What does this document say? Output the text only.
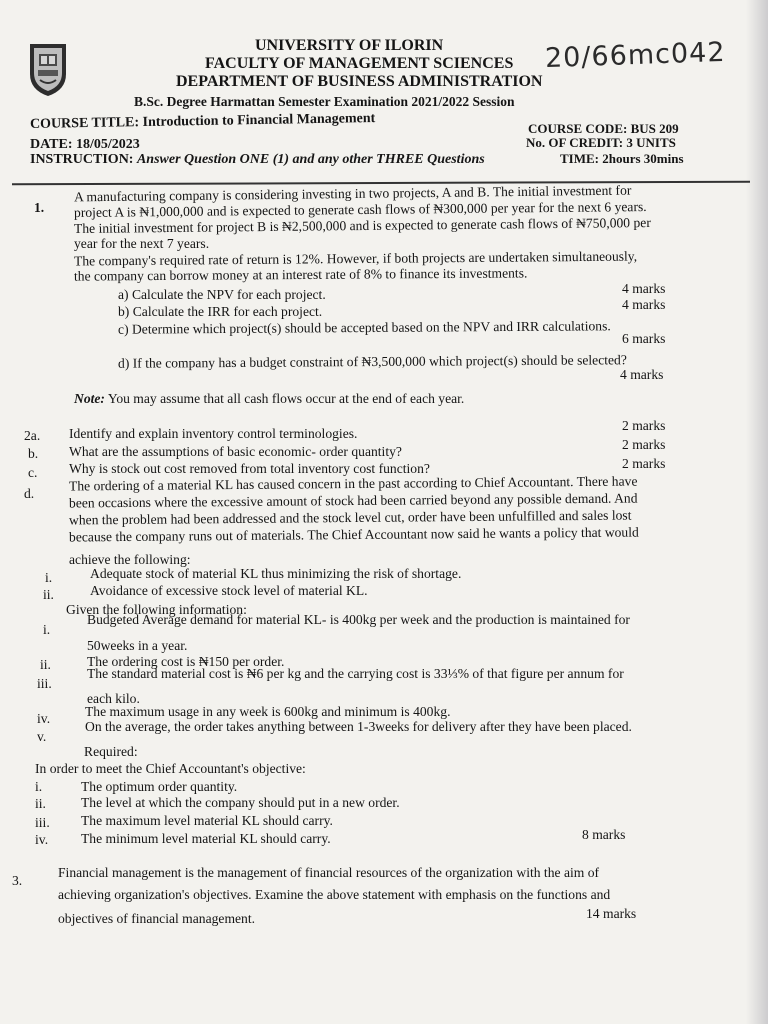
20/66mc042
UNIVERSITY OF ILORIN
FACULTY OF MANAGEMENT SCIENCES
DEPARTMENT OF BUSINESS ADMINISTRATION
B.Sc. Degree Harmattan Semester Examination 2021/2022 Session
COURSE TITLE: Introduction to Financial Management	COURSE CODE: BUS 209
DATE: 18/05/2023	No. OF CREDIT: 3 UNITS
INSTRUCTION: Answer Question ONE (1) and any other THREE Questions	TIME: 2hours 30mins
1.
A manufacturing company is considering investing in two projects, A and B. The initial investment for
project A is ₦1,000,000 and is expected to generate cash flows of ₦300,000 per year for the next 6 years.
The initial investment for project B is ₦2,500,000 and is expected to generate cash flows of ₦750,000 per
year for the next 7 years.
The company's required rate of return is 12%. However, if both projects are undertaken simultaneously,
the company can borrow money at an interest rate of 8% to finance its investments.
a) Calculate the NPV for each project.	4 marks
b) Calculate the IRR for each project.	4 marks
c) Determine which project(s) should be accepted based on the NPV and IRR calculations.
6 marks
d) If the company has a budget constraint of ₦3,500,000 which project(s) should be selected?
4 marks
Note: You may assume that all cash flows occur at the end of each year.
2a. Identify and explain inventory control terminologies.
2 marks
b. What are the assumptions of basic economic- order quantity?	2 marks
c. Why is stock out cost removed from total inventory cost function?	2 marks
d.
The ordering of a material KL has caused concern in the past according to Chief Accountant. There have
been occasions where the excessive amount of stock had been carried beyond any possible demand. And
when the problem had been addressed and the stock level cut, order have been unfulfilled and sales lost
because the company runs out of materials. The Chief Accountant now said he wants a policy that would
achieve the following:
i.	Adequate stock of material KL thus minimizing the risk of shortage.
ii.	Avoidance of excessive stock level of material KL.
Given the following information:
i.
Budgeted Average demand for material KL- is 400kg per week and the production is maintained for
50weeks in a year.
ii.	The ordering cost is ₦150 per order.
iii.
The standard material cost is ₦6 per kg and the carrying cost is 33⅓% of that figure per annum for
each kilo.
iv.	The maximum usage in any week is 600kg and minimum is 400kg.
v.
On the average, the order takes anything between 1-3weeks for delivery after they have been placed.
Required:
In order to meet the Chief Accountant's objective:
i.	The optimum order quantity.
ii.	The level at which the company should put in a new order.
iii. The maximum level material KL should carry.
iv. The minimum level material KL should carry.	8 marks
3.
Financial management is the management of financial resources of the organization with the aim of
achieving organization's objectives. Examine the above statement with emphasis on the functions and
objectives of financial management.	14 marks
